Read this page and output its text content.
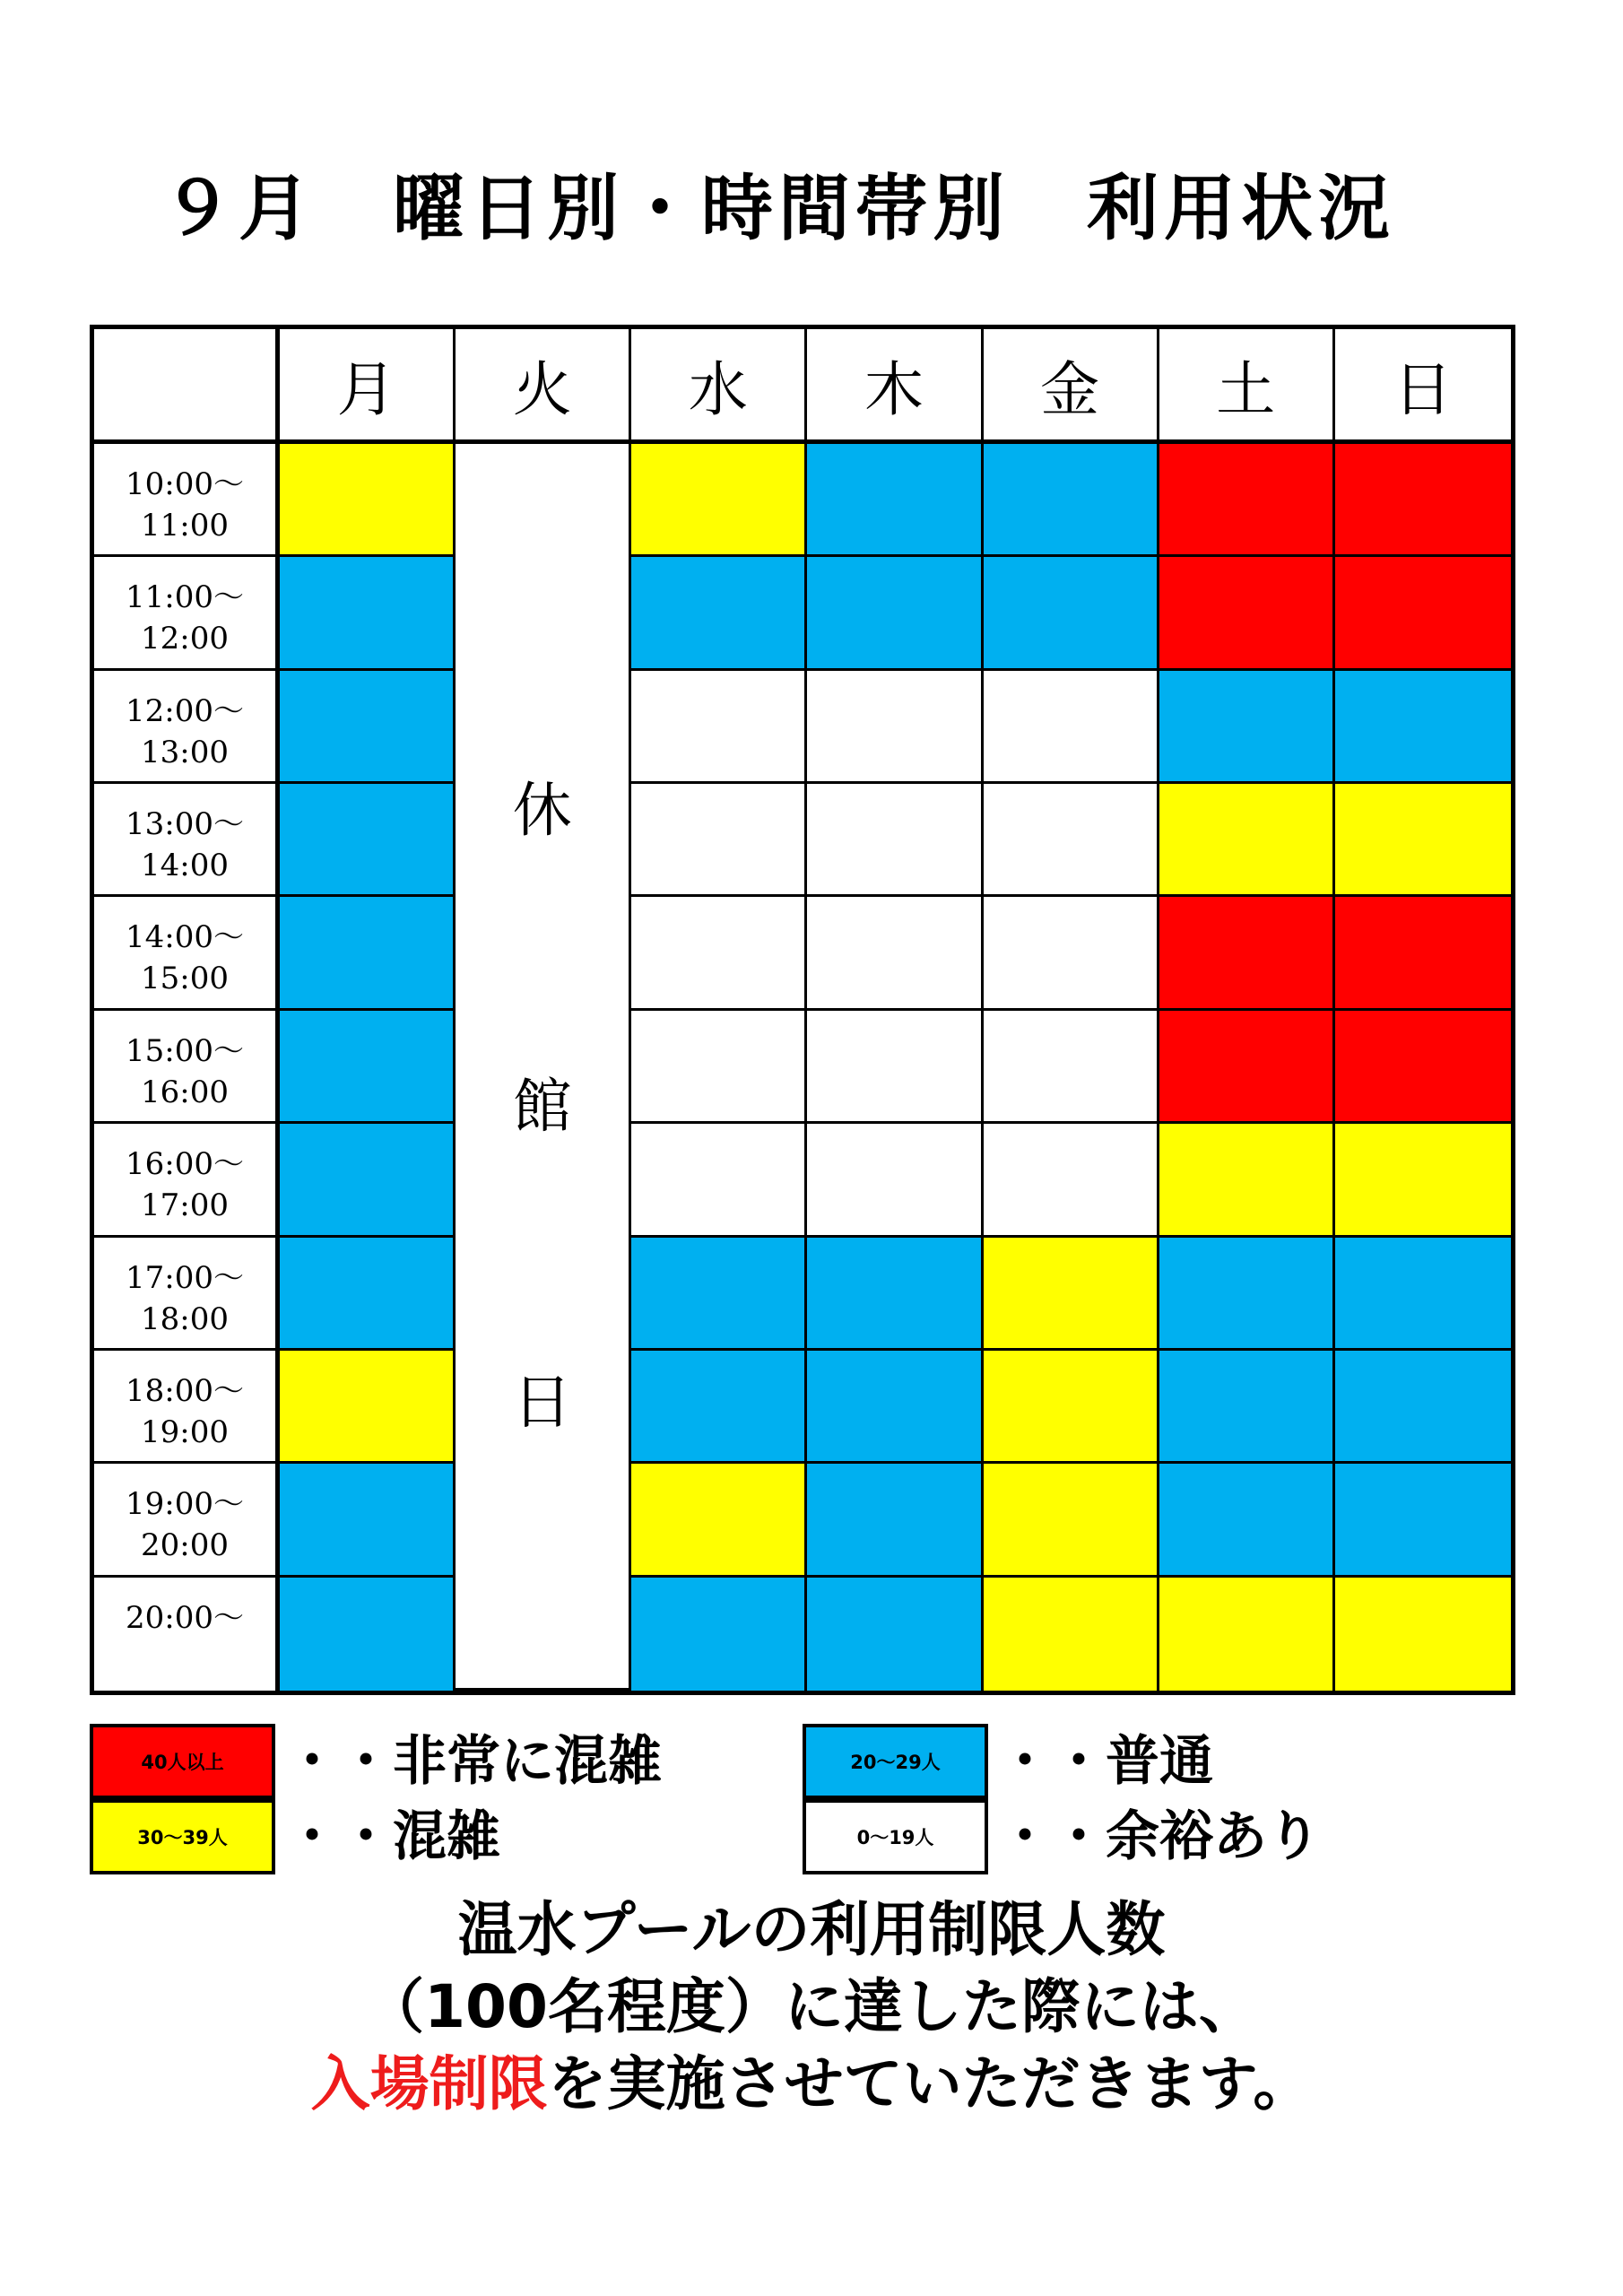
９月　曜日別・時間帯別　利用状況
月	火	水	木	金	土	日
10:00～
11:00
11:00～
12:00
12:00～
13:00
13:00～
14:00
14:00～
15:00
15:00～
16:00
16:00～
17:00
17:00～
18:00
18:00～
19:00
19:00～
20:00
20:00～
休
館
日
40人以上 ・・非常に混雑
30～39人 ・・混雑
20～29人 ・・普通
0～19人 ・・余裕あり

温水プールの利用制限人数

（100名程度）に達した際には、

入場制限を実施させていただきます。
